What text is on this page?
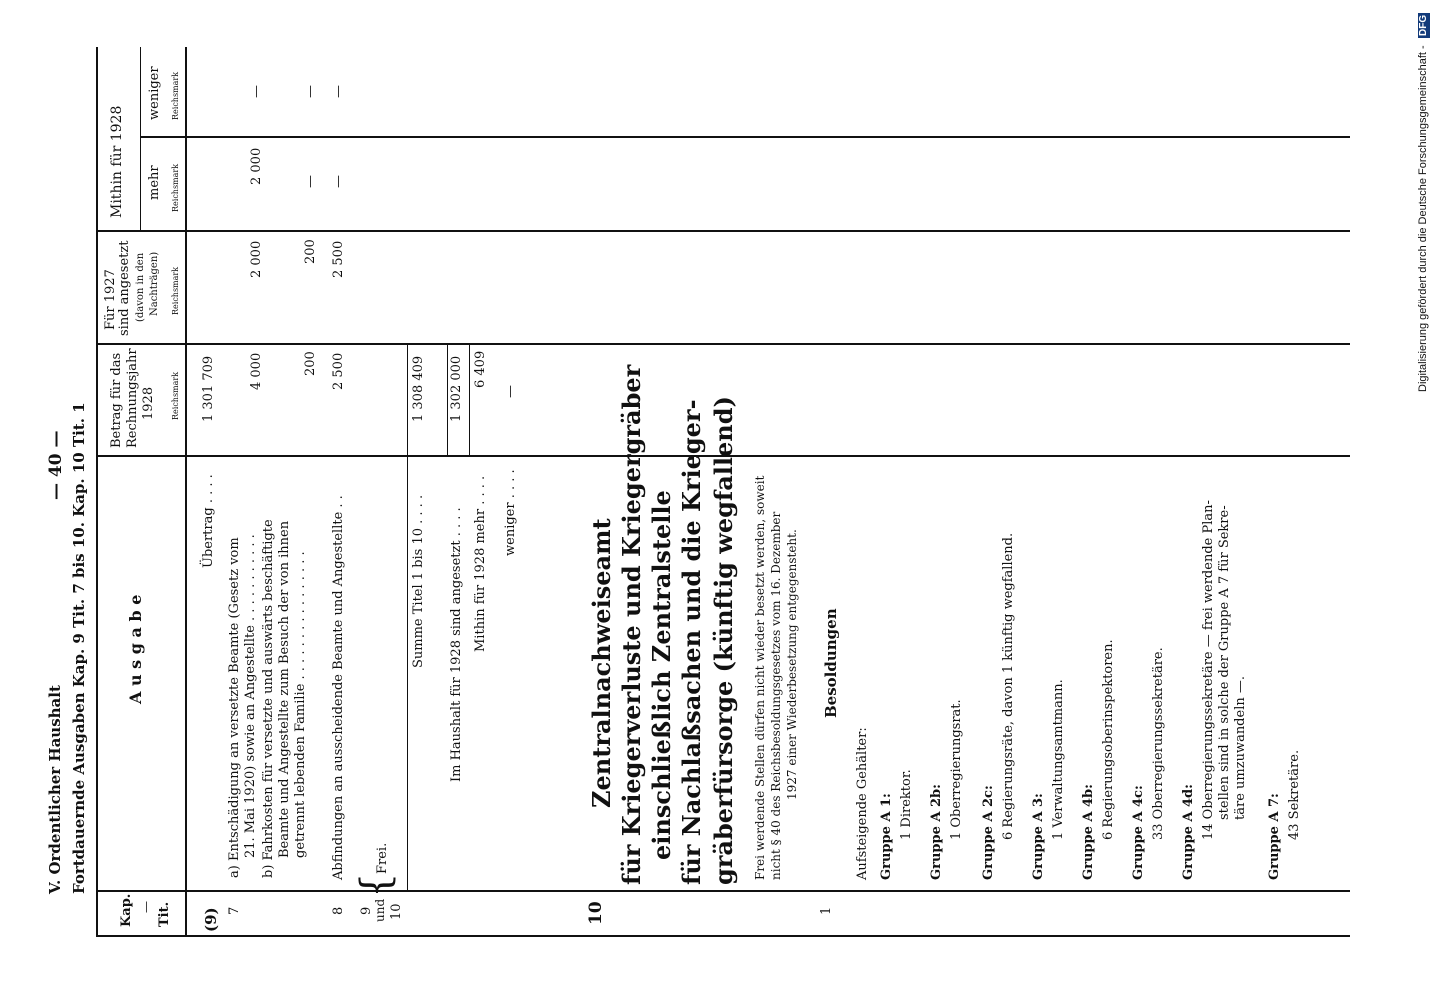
V. Ordentlicher Haushalt Fortdauernde Ausgaben Kap. 9 Tit. 7 bis 10. Kap. 10 Tit. 1
— 40 —
Kap. — Tit.
A u s g a b e
Betrag für das Rechnungsjahr 1928 Reichsmark
Für 1927 sind angesetzt (davon in den Nachträgen) Reichsmark
Mithin für 1928 mehr Reichsmark
weniger Reichsmark
(9) 7
Übertrag . . . .
1 301 709
a) Entschädigung an versetzte Beamte (Gesetz vom 21. Mai 1920) sowie an Angestellte . . . . . . . . . . . b) Fahrkosten für versetzte und auswärts beschäftigte Beamte und Angestellte zum Besuch der von ihnen getrennt lebenden Familie . . . . . . . . . . . . . . . .
4 000
2 000
2 000
—
200
200
—
—
8
Abfindungen an ausscheidende Beamte und Angestellte . .
2 500
2 500
—
—
9 und 10
{
Frei.
Summe Titel 1 bis 10 . . . .
1 308 409
Im Haushalt für 1928 sind angesetzt . . . .
1 302 000
Mithin für 1928 mehr . . . .
6 409
weniger . . . .
—
10
Zentralnachweiseamt für Kriegerverluste und Kriegergräber einschließlich Zentralstelle für Nachlaßsachen und die Krieger- gräberfürsorge (künftig wegfallend) Frei werdende Stellen dürfen nicht wieder besetzt werden, soweit nicht § 40 des Reichsbesoldungsgesetzes vom 16. Dezember 1927 einer Wiederbesetzung entgegensteht.
1
Besoldungen
Aufsteigende Gehälter: Gruppe A 1: 1 Direktor. Gruppe A 2b: 1 Oberregierungsrat. Gruppe A 2c: 6 Regierungsräte, davon 1 künftig wegfallend. Gruppe A 3: 1 Verwaltungsamtmann. Gruppe A 4b: 6 Regierungsoberinspektoren. Gruppe A 4c: 33 Oberregierungssekretäre. Gruppe A 4d: 14 Oberregierungssekretäre — frei werdende Plan- stellen sind in solche der Gruppe A 7 für Sekre- täre umzuwandeln —.
Gruppe A 7: 43 Sekretäre.
Digitalisierung gefördert durch die Deutsche Forschungsgemeinschaft -
DFG
